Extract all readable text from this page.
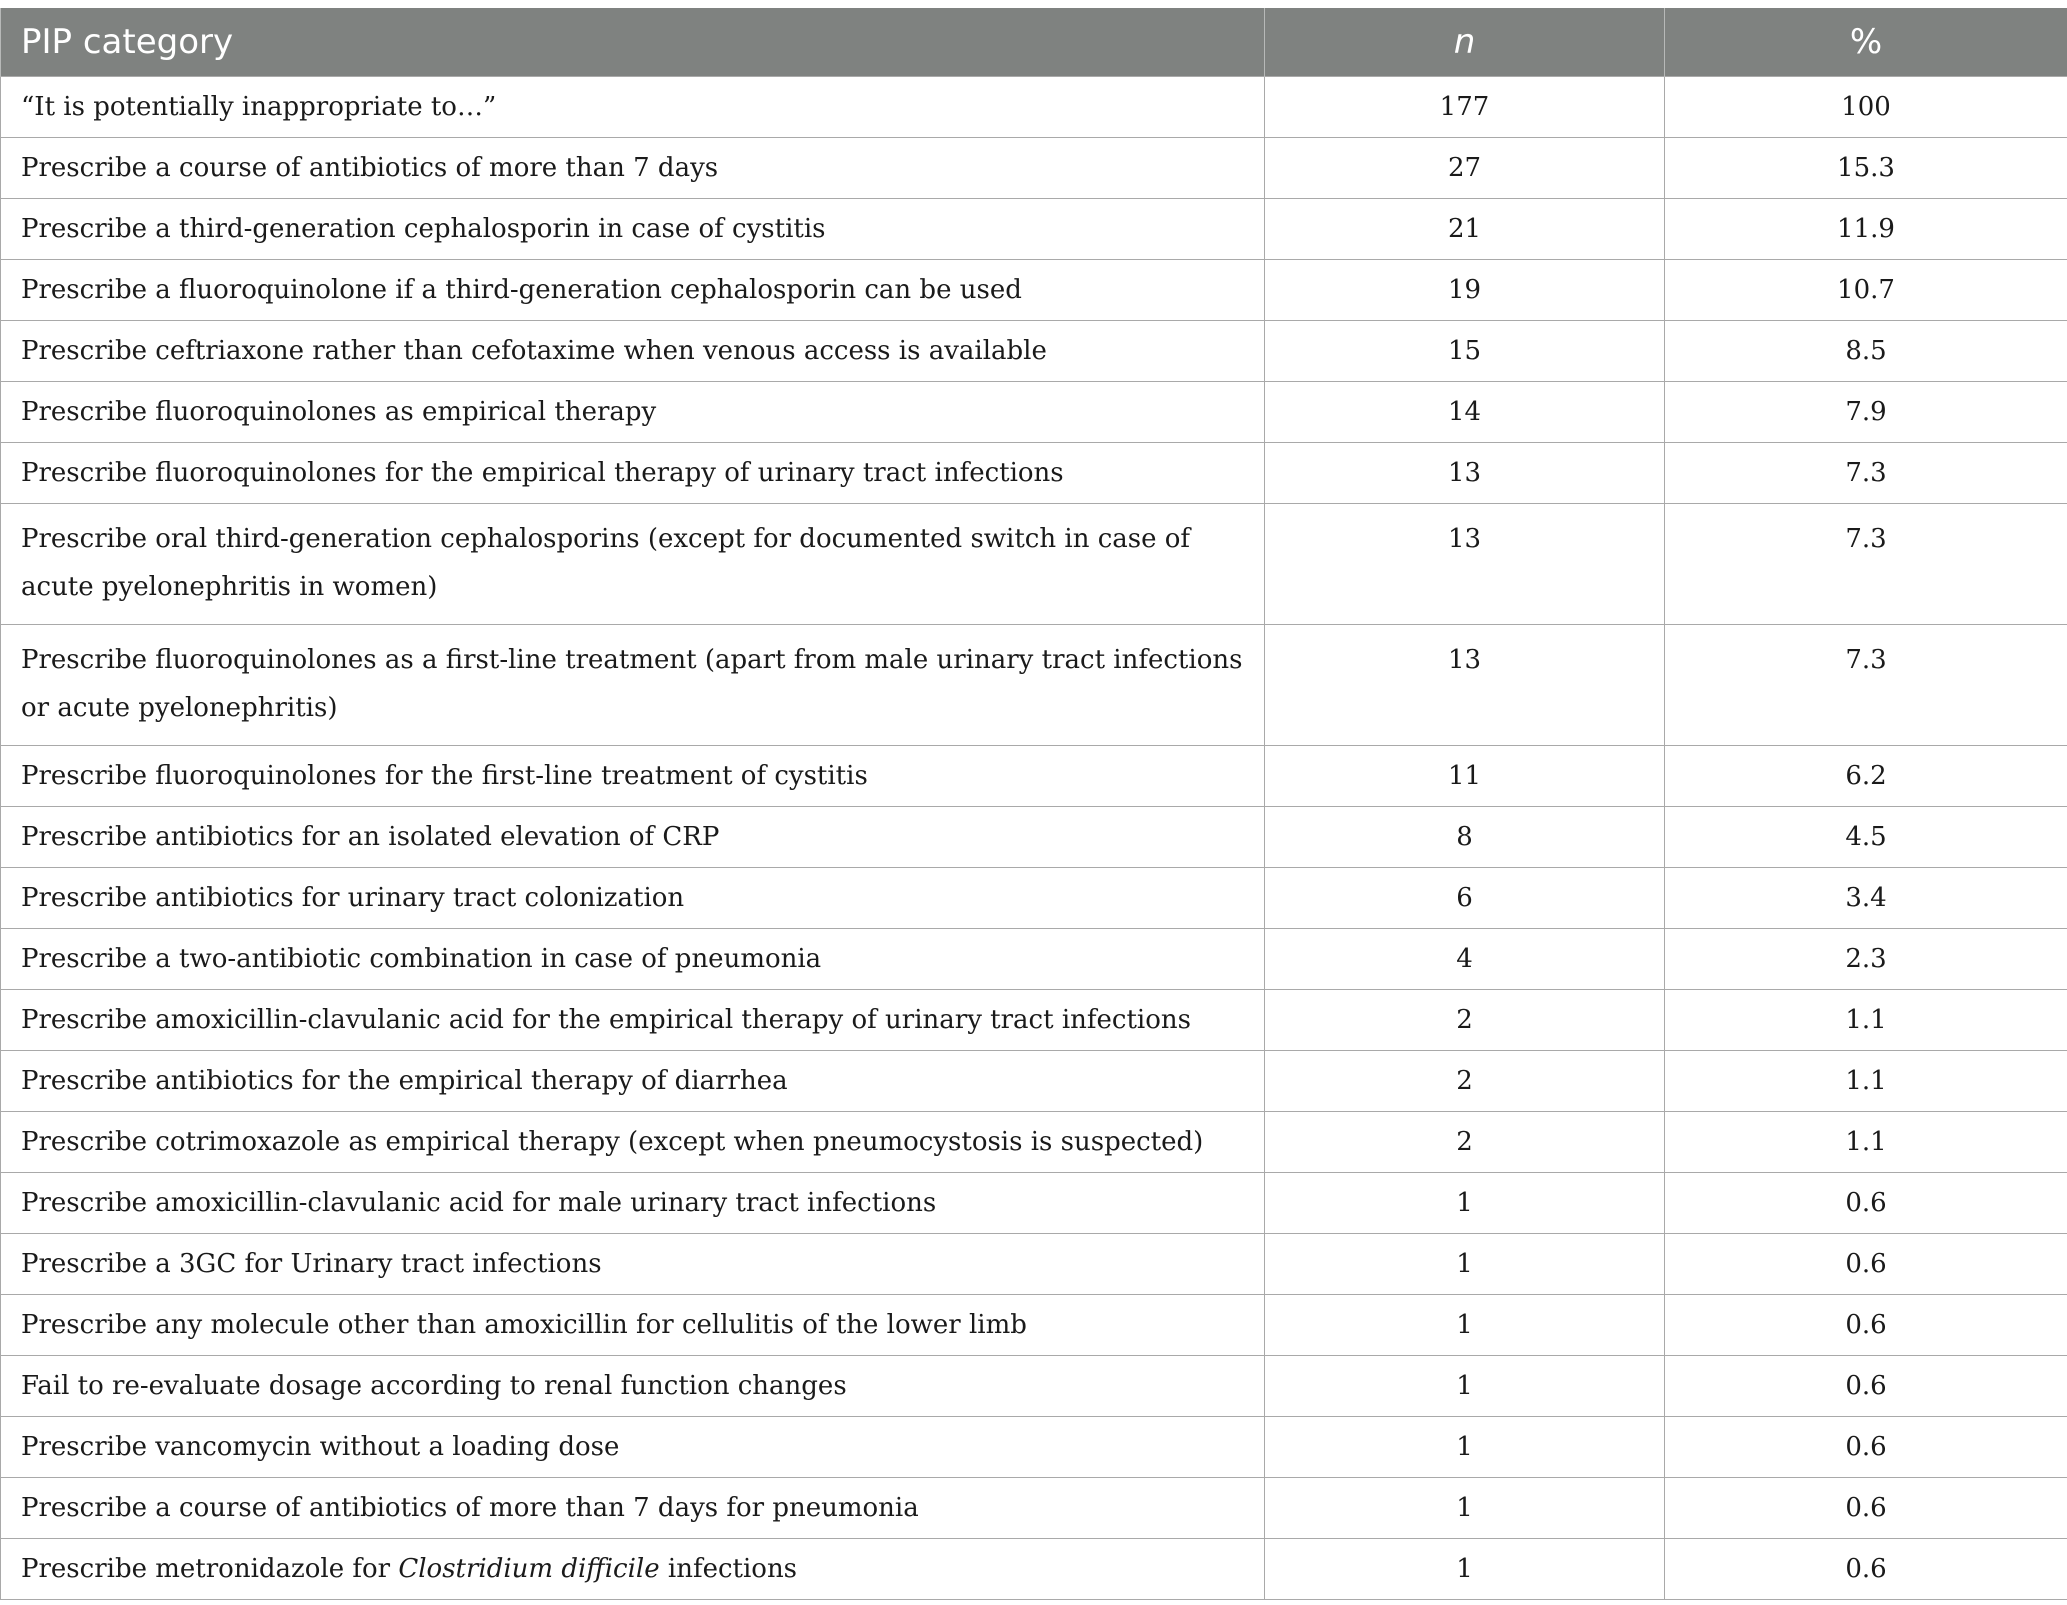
PIP category	n	%
“It is potentially inappropriate to…”	177	100
Prescribe a course of antibiotics of more than 7 days	27	15.3
Prescribe a third-generation cephalosporin in case of cystitis	21	11.9
Prescribe a fluoroquinolone if a third-generation cephalosporin can be used	19	10.7
Prescribe ceftriaxone rather than cefotaxime when venous access is available	15	8.5
Prescribe fluoroquinolones as empirical therapy	14	7.9
Prescribe fluoroquinolones for the empirical therapy of urinary tract infections	13	7.3
Prescribe oral third-generation cephalosporins (except for documented switch in case of acute pyelonephritis in women)	13	7.3
Prescribe fluoroquinolones as a first-line treatment (apart from male urinary tract infections or acute pyelonephritis)	13	7.3
Prescribe fluoroquinolones for the first-line treatment of cystitis	11	6.2
Prescribe antibiotics for an isolated elevation of CRP	8	4.5
Prescribe antibiotics for urinary tract colonization	6	3.4
Prescribe a two-antibiotic combination in case of pneumonia	4	2.3
Prescribe amoxicillin-clavulanic acid for the empirical therapy of urinary tract infections	2	1.1
Prescribe antibiotics for the empirical therapy of diarrhea	2	1.1
Prescribe cotrimoxazole as empirical therapy (except when pneumocystosis is suspected)	2	1.1
Prescribe amoxicillin-clavulanic acid for male urinary tract infections	1	0.6
Prescribe a 3GC for Urinary tract infections	1	0.6
Prescribe any molecule other than amoxicillin for cellulitis of the lower limb	1	0.6
Fail to re-evaluate dosage according to renal function changes	1	0.6
Prescribe vancomycin without a loading dose	1	0.6
Prescribe a course of antibiotics of more than 7 days for pneumonia	1	0.6
Prescribe metronidazole for Clostridium difficile infections	1	0.6
